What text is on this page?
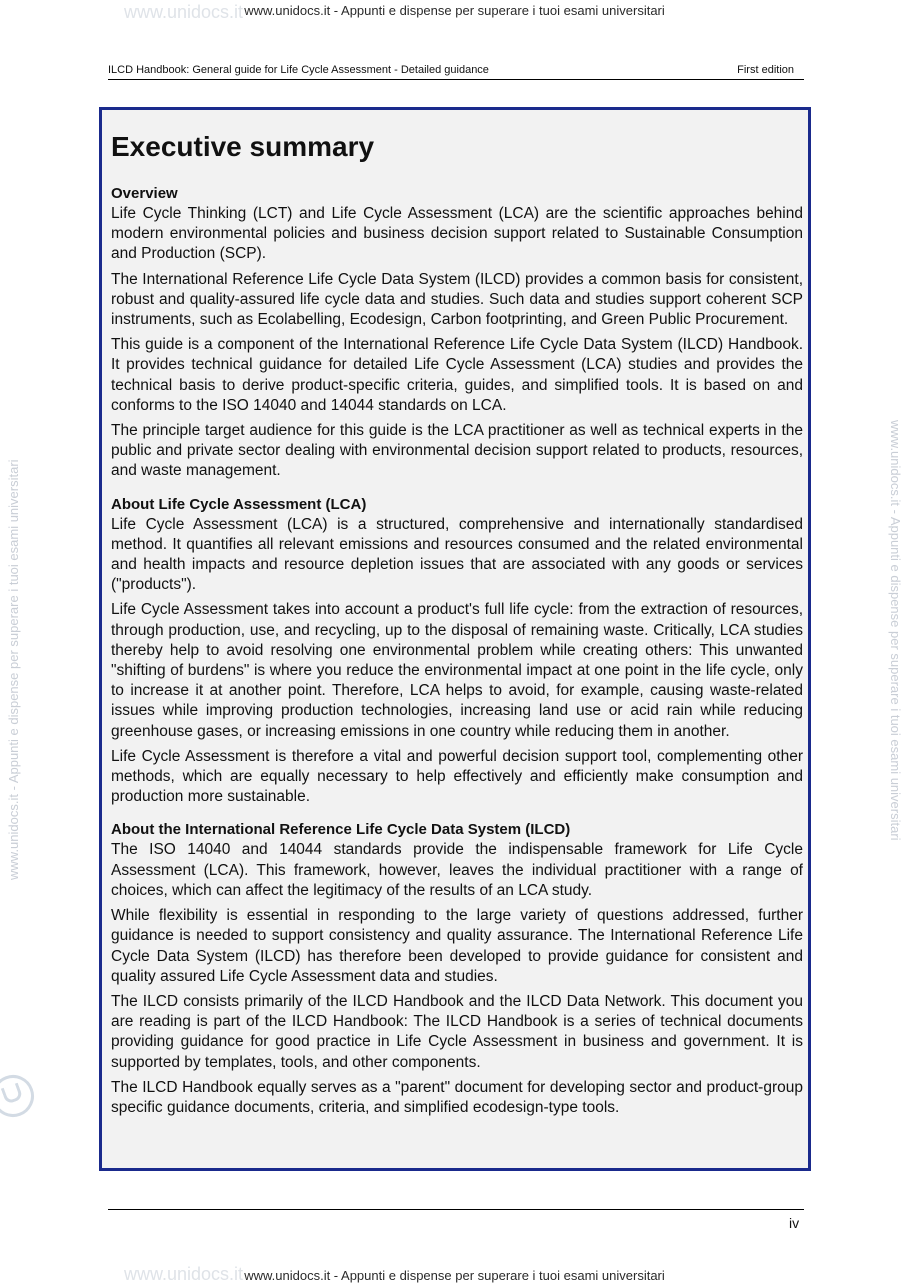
www.unidocs.it - Appunti e dispense per superare i tuoi esami universitari
www.unidocs.it
www.unidocs.it
www.unidocs.it - Appunti e dispense per superare i tuoi esami universitari	www.unidocs.it - Appunti e dispense per superare i tuoi esami universitari
ILCD Handbook: General guide for Life Cycle Assessment - Detailed guidance	First edition
Executive summary
Overview

Life Cycle Thinking (LCT) and Life Cycle Assessment (LCA) are the scientific approaches behind modern environmental policies and business decision support related to Sustainable Consumption and Production (SCP).

The International Reference Life Cycle Data System (ILCD) provides a common basis for consistent, robust and quality-assured life cycle data and studies. Such data and studies support coherent SCP instruments, such as Ecolabelling, Ecodesign, Carbon footprinting, and Green Public Procurement.

This guide is a component of the International Reference Life Cycle Data System (ILCD) Handbook. It provides technical guidance for detailed Life Cycle Assessment (LCA) studies and provides the technical basis to derive product-specific criteria, guides, and simplified tools. It is based on and conforms to the ISO 14040 and 14044 standards on LCA.

The principle target audience for this guide is the LCA practitioner as well as technical experts in the public and private sector dealing with environmental decision support related to products, resources, and waste management.

About Life Cycle Assessment (LCA)

Life Cycle Assessment (LCA) is a structured, comprehensive and internationally standardised method. It quantifies all relevant emissions and resources consumed and the related environmental and health impacts and resource depletion issues that are associated with any goods or services ("products").

Life Cycle Assessment takes into account a product's full life cycle: from the extraction of resources, through production, use, and recycling, up to the disposal of remaining waste. Critically, LCA studies thereby help to avoid resolving one environmental problem while creating others: This unwanted "shifting of burdens" is where you reduce the environmental impact at one point in the life cycle, only to increase it at another point. Therefore, LCA helps to avoid, for example, causing waste-related issues while improving production technologies, increasing land use or acid rain while reducing greenhouse gases, or increasing emissions in one country while reducing them in another.

Life Cycle Assessment is therefore a vital and powerful decision support tool, complementing other methods, which are equally necessary to help effectively and efficiently make consumption and production more sustainable.

About the International Reference Life Cycle Data System (ILCD)

The ISO 14040 and 14044 standards provide the indispensable framework for Life Cycle Assessment (LCA). This framework, however, leaves the individual practitioner with a range of choices, which can affect the legitimacy of the results of an LCA study.

While flexibility is essential in responding to the large variety of questions addressed, further guidance is needed to support consistency and quality assurance. The International Reference Life Cycle Data System (ILCD) has therefore been developed to provide guidance for consistent and quality assured Life Cycle Assessment data and studies.

The ILCD consists primarily of the ILCD Handbook and the ILCD Data Network. This document you are reading is part of the ILCD Handbook: The ILCD Handbook is a series of technical documents providing guidance for good practice in Life Cycle Assessment in business and government. It is supported by templates, tools, and other components.

The ILCD Handbook equally serves as a "parent" document for developing sector and product-group specific guidance documents, criteria, and simplified ecodesign-type tools.

iv
www.unidocs.it - Appunti e dispense per superare i tuoi esami universitari
